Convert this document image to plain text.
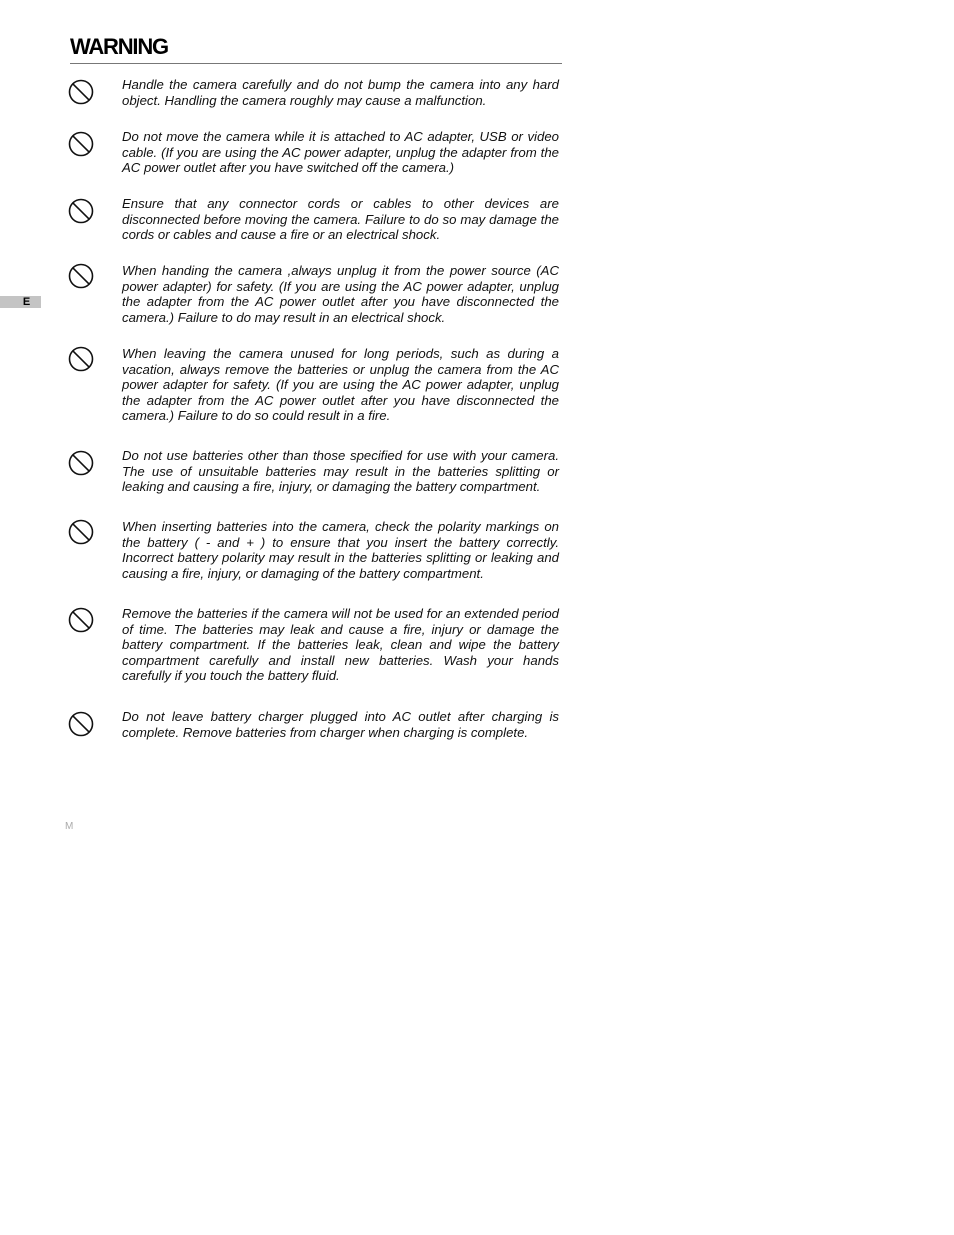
WARNING
E

Handle the camera carefully and do not bump the camera into any hard object. Handling the camera roughly may cause a malfunction.

Do not move the camera while it is attached to AC adapter, USB or video cable. (If you are using the AC power adapter, unplug the adapter from the AC power outlet after you have switched off the camera.)

Ensure that any connector cords or cables to other devices are disconnected before moving the camera. Failure to do so may damage the cords or cables and cause a fire or an electrical shock.

When handing the camera ,always unplug it from the power source (AC power adapter) for safety. (If you are using the AC power adapter, unplug the adapter from the AC power outlet after you have disconnected the camera.) Failure to do may result in an electrical shock.

When leaving the camera unused for long periods, such as during a vacation, always remove the batteries or unplug the camera from the AC power adapter for safety. (If you are using the AC power adapter, unplug the adapter from the AC power outlet after you have disconnected the camera.) Failure to do so could result in a fire.

Do not use batteries other than those specified for use with your camera. The use of unsuitable batteries may result in the batteries splitting or leaking and causing a fire, injury, or damaging the battery compartment.

When inserting batteries into the camera, check the polarity markings on the battery ( - and + ) to ensure that you insert the battery correctly. Incorrect battery polarity may result in the batteries splitting or leaking and causing a fire, injury, or damaging of the battery compartment.

Remove the batteries if the camera will not be used for an extended period of time. The batteries may leak and cause a fire, injury or damage the battery compartment. If the batteries leak, clean and wipe the battery compartment carefully and install new batteries. Wash your hands carefully if you touch the battery fluid.

Do not leave battery charger plugged into AC outlet after charging is complete. Remove batteries from charger when charging is complete.

M
